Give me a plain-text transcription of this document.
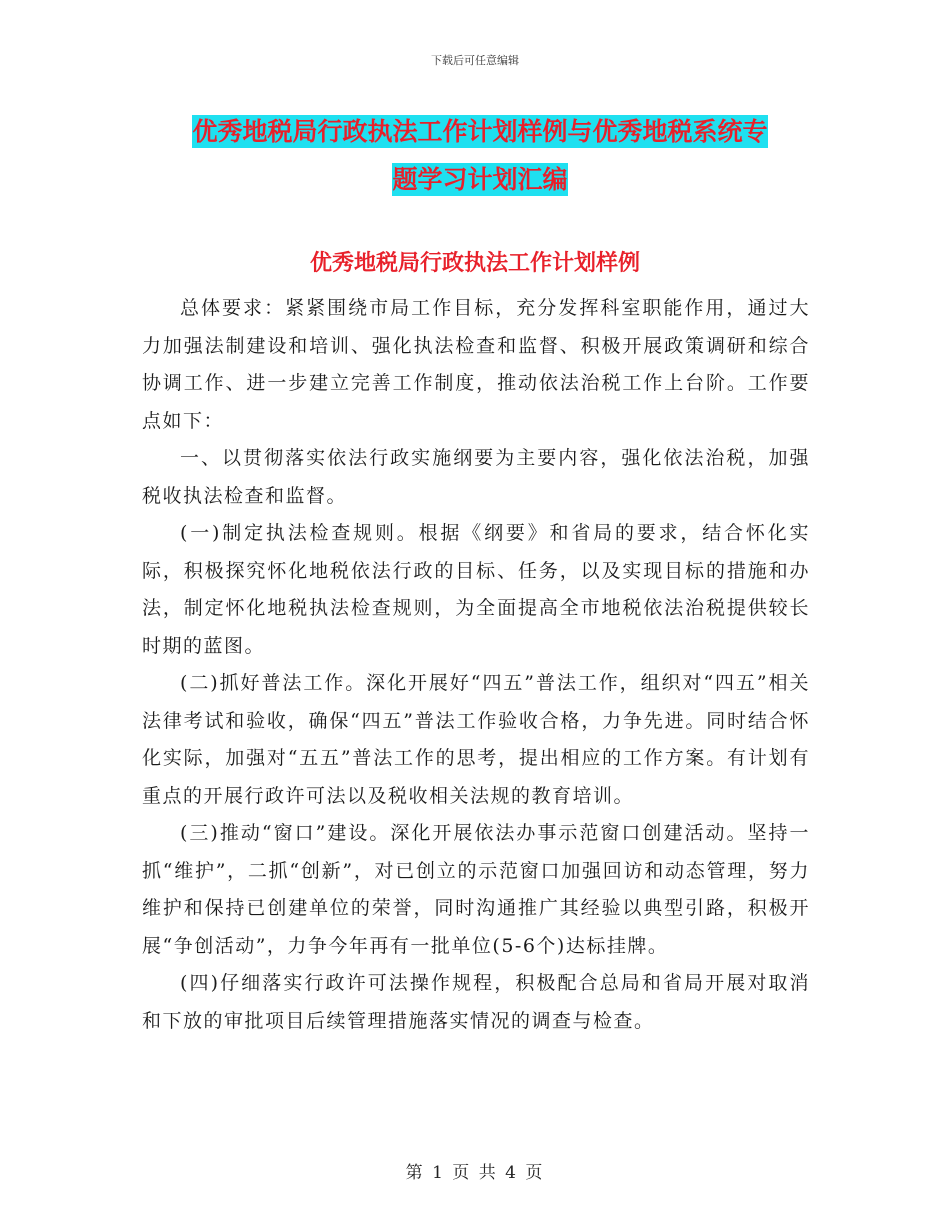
下载后可任意编辑
优秀地税局行政执法工作计划样例与优秀地税系统专
题学习计划汇编
优秀地税局行政执法工作计划样例

总体要求：紧紧围绕市局工作目标，充分发挥科室职能作用，通过大力加强法制建设和培训、强化执法检查和监督、积极开展政策调研和综合协调工作、进一步建立完善工作制度，推动依法治税工作上台阶。工作要点如下：

一、以贯彻落实依法行政实施纲要为主要内容，强化依法治税，加强税收执法检查和监督。

(一)制定执法检查规则。根据《纲要》和省局的要求，结合怀化实际，积极探究怀化地税依法行政的目标、任务，以及实现目标的措施和办法，制定怀化地税执法检查规则，为全面提高全市地税依法治税提供较长时期的蓝图。

(二)抓好普法工作。深化开展好“四五”普法工作，组织对“四五”相关法律考试和验收，确保“四五”普法工作验收合格，力争先进。同时结合怀化实际，加强对“五五”普法工作的思考，提出相应的工作方案。有计划有重点的开展行政许可法以及税收相关法规的教育培训。

(三)推动“窗口”建设。深化开展依法办事示范窗口创建活动。坚持一抓“维护”，二抓“创新”，对已创立的示范窗口加强回访和动态管理，努力维护和保持已创建单位的荣誉，同时沟通推广其经验以典型引路，积极开展“争创活动”，力争今年再有一批单位(5-6个)达标挂牌。

(四)仔细落实行政许可法操作规程，积极配合总局和省局开展对取消和下放的审批项目后续管理措施落实情况的调查与检查。

第 1 页 共 4 页
